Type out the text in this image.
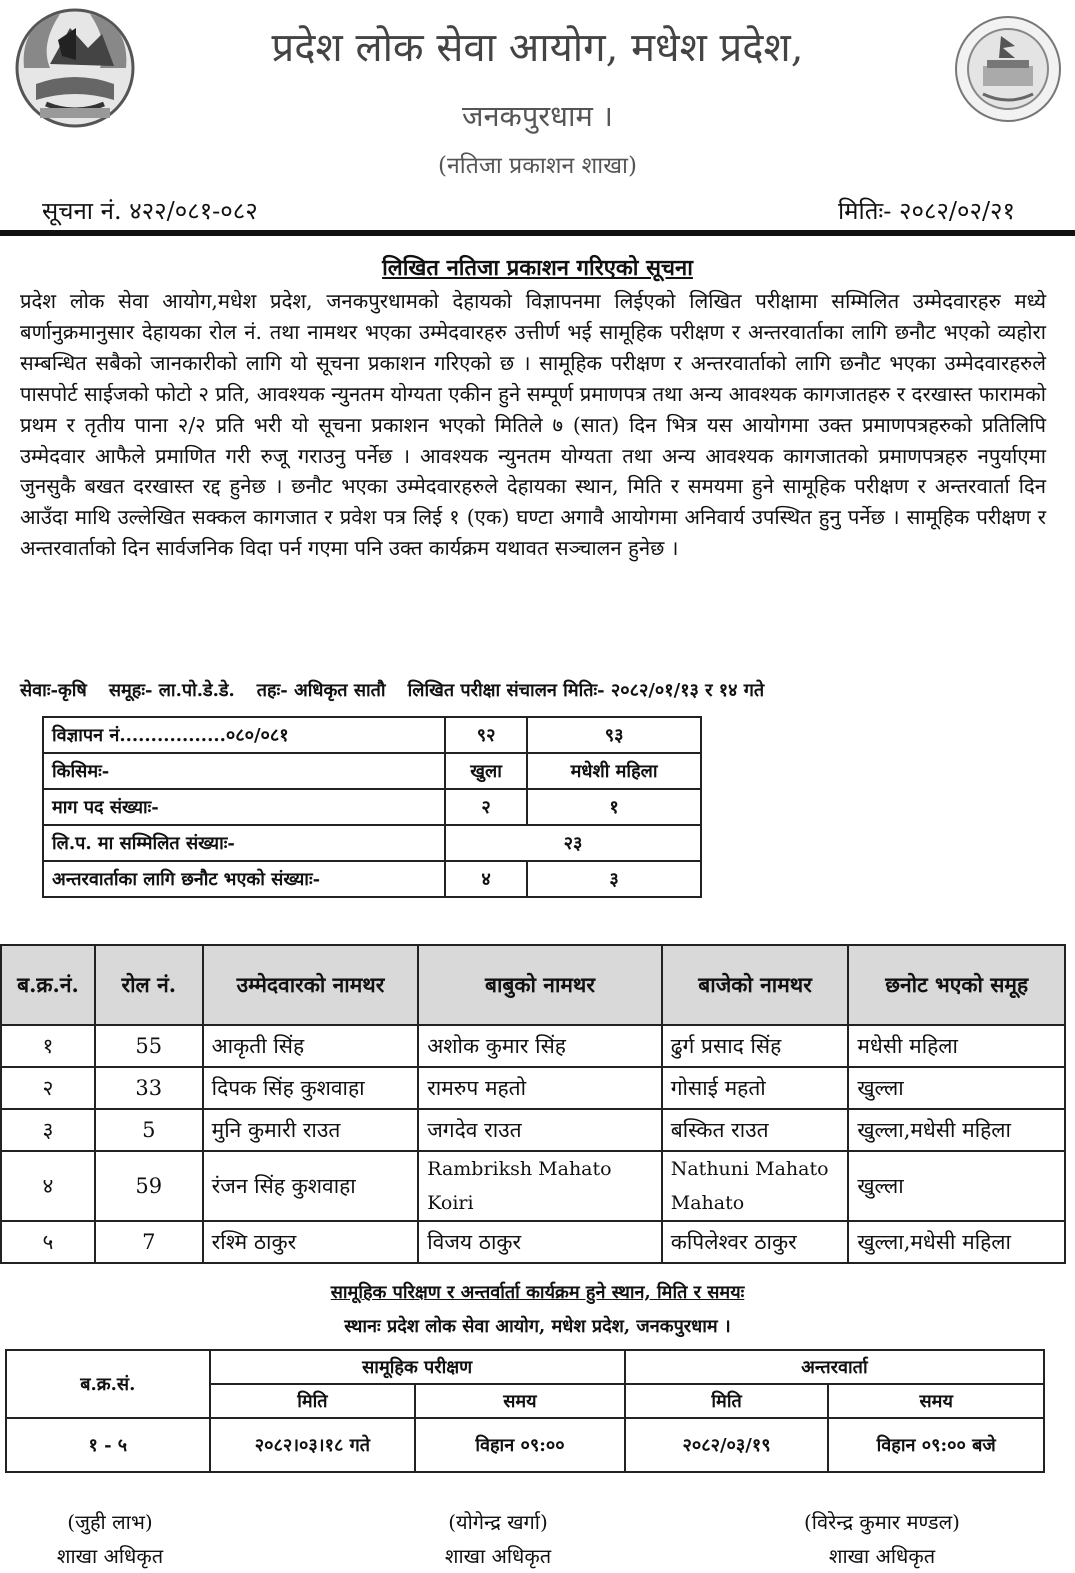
प्रदेश लोक सेवा आयोग, मधेश प्रदेश,
जनकपुरधाम ।
(नतिजा प्रकाशन शाखा)
सूचना नं. ४२२/०८१-०८२	मितिः- २०८२/०२/२१
लिखित नतिजा प्रकाशन गरिएको सूचना
प्रदेश लोक सेवा आयोग,मधेश प्रदेश, जनकपुरधामको देहायको विज्ञापनमा लिईएको लिखित परीक्षामा सम्मिलित उम्मेदवारहरु मध्ये बर्णानुक्रमानुसार देहायका रोल नं. तथा नामथर भएका उम्मेदवारहरु उत्तीर्ण भई सामूहिक परीक्षण र अन्तरवार्ताका लागि छनौट भएको व्यहोरा सम्बन्धित सबैको जानकारीको लागि यो सूचना प्रकाशन गरिएको छ । सामूहिक परीक्षण र अन्तरवार्ताको लागि छनौट भएका उम्मेदवारहरुले पासपोर्ट साईजको फोटो २ प्रति, आवश्यक न्युनतम योग्यता एकीन हुने सम्पूर्ण प्रमाणपत्र तथा अन्य आवश्यक कागजातहरु र दरखास्त फारामको प्रथम र तृतीय पाना २/२ प्रति भरी यो सूचना प्रकाशन भएको मितिले ७ (सात) दिन भित्र यस आयोगमा उक्त प्रमाणपत्रहरुको प्रतिलिपि उम्मेदवार आफैले प्रमाणित गरी रुजू गराउनु पर्नेछ । आवश्यक न्युनतम योग्यता तथा अन्य आवश्यक कागजातको प्रमाणपत्रहरु नपुर्याएमा जुनसुकै बखत दरखास्त रद्द हुनेछ । छनौट भएका उम्मेदवारहरुले देहायका स्थान, मिति र समयमा हुने सामूहिक परीक्षण र अन्तरवार्ता दिन आउँदा माथि उल्लेखित सक्कल कागजात र प्रवेश पत्र लिई १ (एक) घण्टा अगावै आयोगमा अनिवार्य उपस्थित हुनु पर्नेछ । सामूहिक परीक्षण र अन्तरवार्ताको दिन सार्वजनिक विदा पर्न गएमा पनि उक्त कार्यक्रम यथावत सञ्चालन हुनेछ ।
सेवाः-कृषि समूहः- ला.पो.डे.डे. तहः- अधिकृत सातौ लिखित परीक्षा संचालन मितिः- २०८२/०१/१३ र १४ गते
विज्ञापन नं.................०८०/०८१	९२	९३
किसिमः-	खुला	मधेशी महिला
माग पद संख्याः-	२	१
लि.प. मा सम्मिलित संख्याः-	२३	
अन्तरवार्ताका लागि छनौट भएको संख्याः-	४	३
ब.क्र.नं.	रोल नं.	उम्मेदवारको नामथर	बाबुको नामथर	बाजेको नामथर	छनोट भएको समूह
१	55	आकृती सिंह	अशोक कुमार सिंह	ढुर्ग प्रसाद सिंह	मधेसी महिला
२	33	दिपक सिंह कुशवाहा	रामरुप महतो	गोसाई महतो	खुल्ला
३	5	मुनि कुमारी राउत	जगदेव राउत	बस्कित राउत	खुल्ला,मधेसी महिला
४	59	रंजन सिंह कुशवाहा	Rambriksh Mahato Koiri	Nathuni Mahato Mahato	खुल्ला
५	7	रश्मि ठाकुर	विजय ठाकुर	कपिलेश्वर ठाकुर	खुल्ला,मधेसी महिला
सामूहिक परिक्षण र अन्तर्वार्ता कार्यक्रम हुने स्थान, मिति र समयः
स्थानः प्रदेश लोक सेवा आयोग, मधेश प्रदेश, जनकपुरधाम ।
ब.क्र.सं.	सामूहिक परीक्षण		अन्तरवार्ता	
	मिति	समय	मिति	समय
१ - ५	२०८२।०३।१८ गते	विहान ०९:००	२०८२/०३/१९	विहान ०९:०० बजे
(जुही लाभ)
शाखा अधिकृत
(योगेन्द्र खर्गा)
शाखा अधिकृत
(विरेन्द्र कुमार मण्डल)
शाखा अधिकृत
